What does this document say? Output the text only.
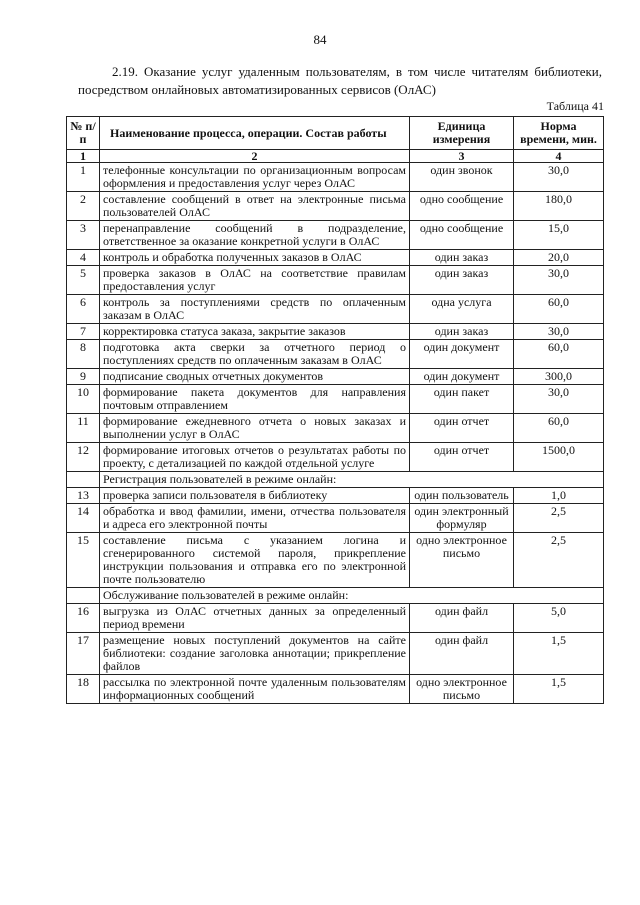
84
2.19. Оказание услуг удаленным пользователям, в том числе читателям библиотеки, посредством онлайновых автоматизированных сервисов (ОлАС)
Таблица 41
№ п/п	Наименование процесса, операции. Состав работы	Единица измерения	Норма времени, мин.
1	2	3	4
1	телефонные консультации по организационным вопросам оформления и предоставления услуг через ОлАС	один звонок	30,0
2	составление сообщений в ответ на электронные письма пользователей ОлАС	одно сообщение	180,0
3	перенаправление сообщений в подразделение, ответственное за оказание конкретной услуги в ОлАС	одно сообщение	15,0
4	контроль и обработка полученных заказов в ОлАС	один заказ	20,0
5	проверка заказов в ОлАС на соответствие правилам предоставления услуг	один заказ	30,0
6	контроль за поступлениями средств по оплаченным заказам в ОлАС	одна услуга	60,0
7	корректировка статуса заказа, закрытие заказов	один заказ	30,0
8	подготовка акта сверки за отчетного период о поступлениях средств по оплаченным заказам в ОлАС	один документ	60,0
9	подписание сводных отчетных документов	один документ	300,0
10	формирование пакета документов для направления почтовым отправлением	один пакет	30,0
11	формирование ежедневного отчета о новых заказах и выполнении услуг в ОлАС	один отчет	60,0
12	формирование итоговых отчетов о результатах работы по проекту, с детализацией по каждой отдельной услуге	один отчет	1500,0
	Регистрация пользователей в режиме онлайн:		
13	проверка записи пользователя в библиотеку	один пользователь	1,0
14	обработка и ввод фамилии, имени, отчества пользователя и адреса его электронной почты	один электронный формуляр	2,5
15	составление письма с указанием логина и сгенерированного системой пароля, прикрепление инструкции пользования и отправка его по электронной почте пользователю	одно электронное письмо	2,5
	Обслуживание пользователей в режиме онлайн:		
16	выгрузка из ОлАС отчетных данных за определенный период времени	один файл	5,0
17	размещение новых поступлений документов на сайте библиотеки: создание заголовка аннотации; прикрепление файлов	один файл	1,5
18	рассылка по электронной почте удаленным пользователям информационных сообщений	одно электронное письмо	1,5
